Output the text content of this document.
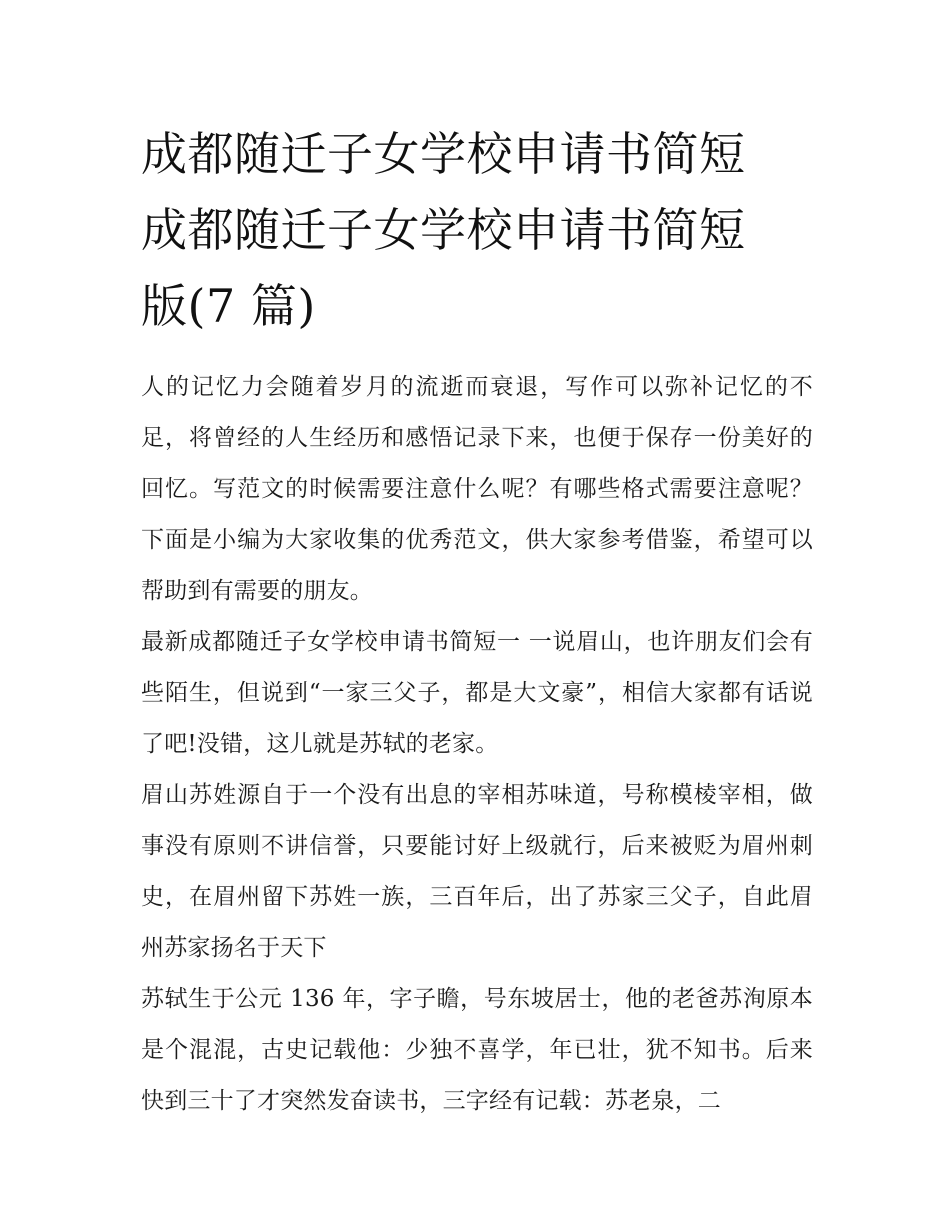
成都随迁子女学校申请书简短
成都随迁子女学校申请书简短
版(7 篇)

人的记忆力会随着岁月的流逝而衰退，写作可以弥补记忆的不足，将曾经的人生经历和感悟记录下来，也便于保存一份美好的回忆。写范文的时候需要注意什么呢？有哪些格式需要注意呢？下面是小编为大家收集的优秀范文，供大家参考借鉴，希望可以帮助到有需要的朋友。

最新成都随迁子女学校申请书简短一 一说眉山，也许朋友们会有些陌生，但说到“一家三父子，都是大文豪”，相信大家都有话说了吧!没错，这儿就是苏轼的老家。

眉山苏姓源自于一个没有出息的宰相苏味道，号称模棱宰相，做事没有原则不讲信誉，只要能讨好上级就行，后来被贬为眉州刺史，在眉州留下苏姓一族，三百年后，出了苏家三父子，自此眉州苏家扬名于天下

苏轼生于公元 136 年，字子瞻，号东坡居士，他的老爸苏洵原本是个混混，古史记载他：少独不喜学，年已壮，犹不知书。后来快到三十了才突然发奋读书，三字经有记载：苏老泉，二
